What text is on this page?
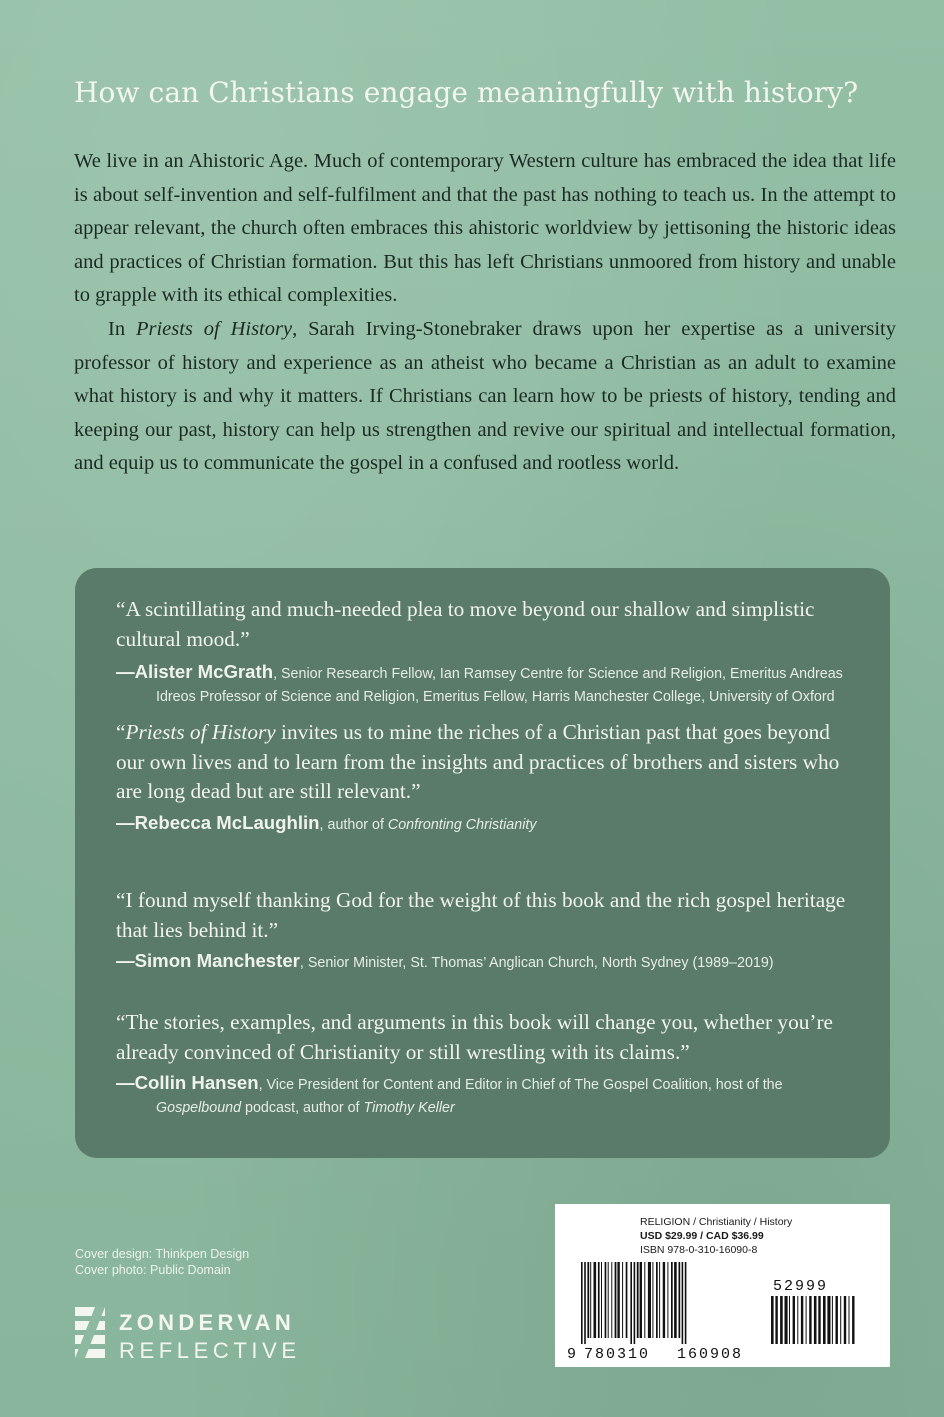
How can Christians engage meaningfully with history?

We live in an Ahistoric Age. Much of contemporary Western culture has embraced the idea that life is about self-invention and self-fulfilment and that the past has nothing to teach us. In the attempt to appear relevant, the church often embraces this ahistoric worldview by jettisoning the historic ideas and practices of Christian formation. But this has left Christians unmoored from history and unable to grapple with its ethical complexities.

In Priests of History, Sarah Irving-Stonebraker draws upon her expertise as a university professor of history and experience as an atheist who became a Christian as an adult to examine what history is and why it matters. If Christians can learn how to be priests of history, tending and keeping our past, history can help us strengthen and revive our spiritual and intellectual formation, and equip us to communicate the gospel in a confused and rootless world.

“A scintillating and much-needed plea to move beyond our shallow and simplistic cultural mood.”

—Alister McGrath, Senior Research Fellow, Ian Ramsey Centre for Science and Religion, Emeritus Andreas
Idreos Professor of Science and Religion, Emeritus Fellow, Harris Manchester College, University of Oxford

“Priests of History invites us to mine the riches of a Christian past that goes beyond our own lives and to learn from the insights and practices of brothers and sisters who are long dead but are still relevant.”

—Rebecca McLaughlin, author of Confronting Christianity

“I found myself thanking God for the weight of this book and the rich gospel heritage that lies behind it.”

—Simon Manchester, Senior Minister, St. Thomas’ Anglican Church, North Sydney (1989–2019)

“The stories, examples, and arguments in this book will change you, whether you’re already convinced of Christianity or still wrestling with its claims.”

—Collin Hansen, Vice President for Content and Editor in Chief of The Gospel Coalition, host of the
Gospelbound podcast, author of Timothy Keller

Cover design: Thinkpen Design
Cover photo: Public Domain
ZONDERVAN
REFLECTIVE
RELIGION / Christianity / History
USD $29.99 / CAD $36.99
ISBN 978-0-310-16090-8
9 780310 160908
52999
